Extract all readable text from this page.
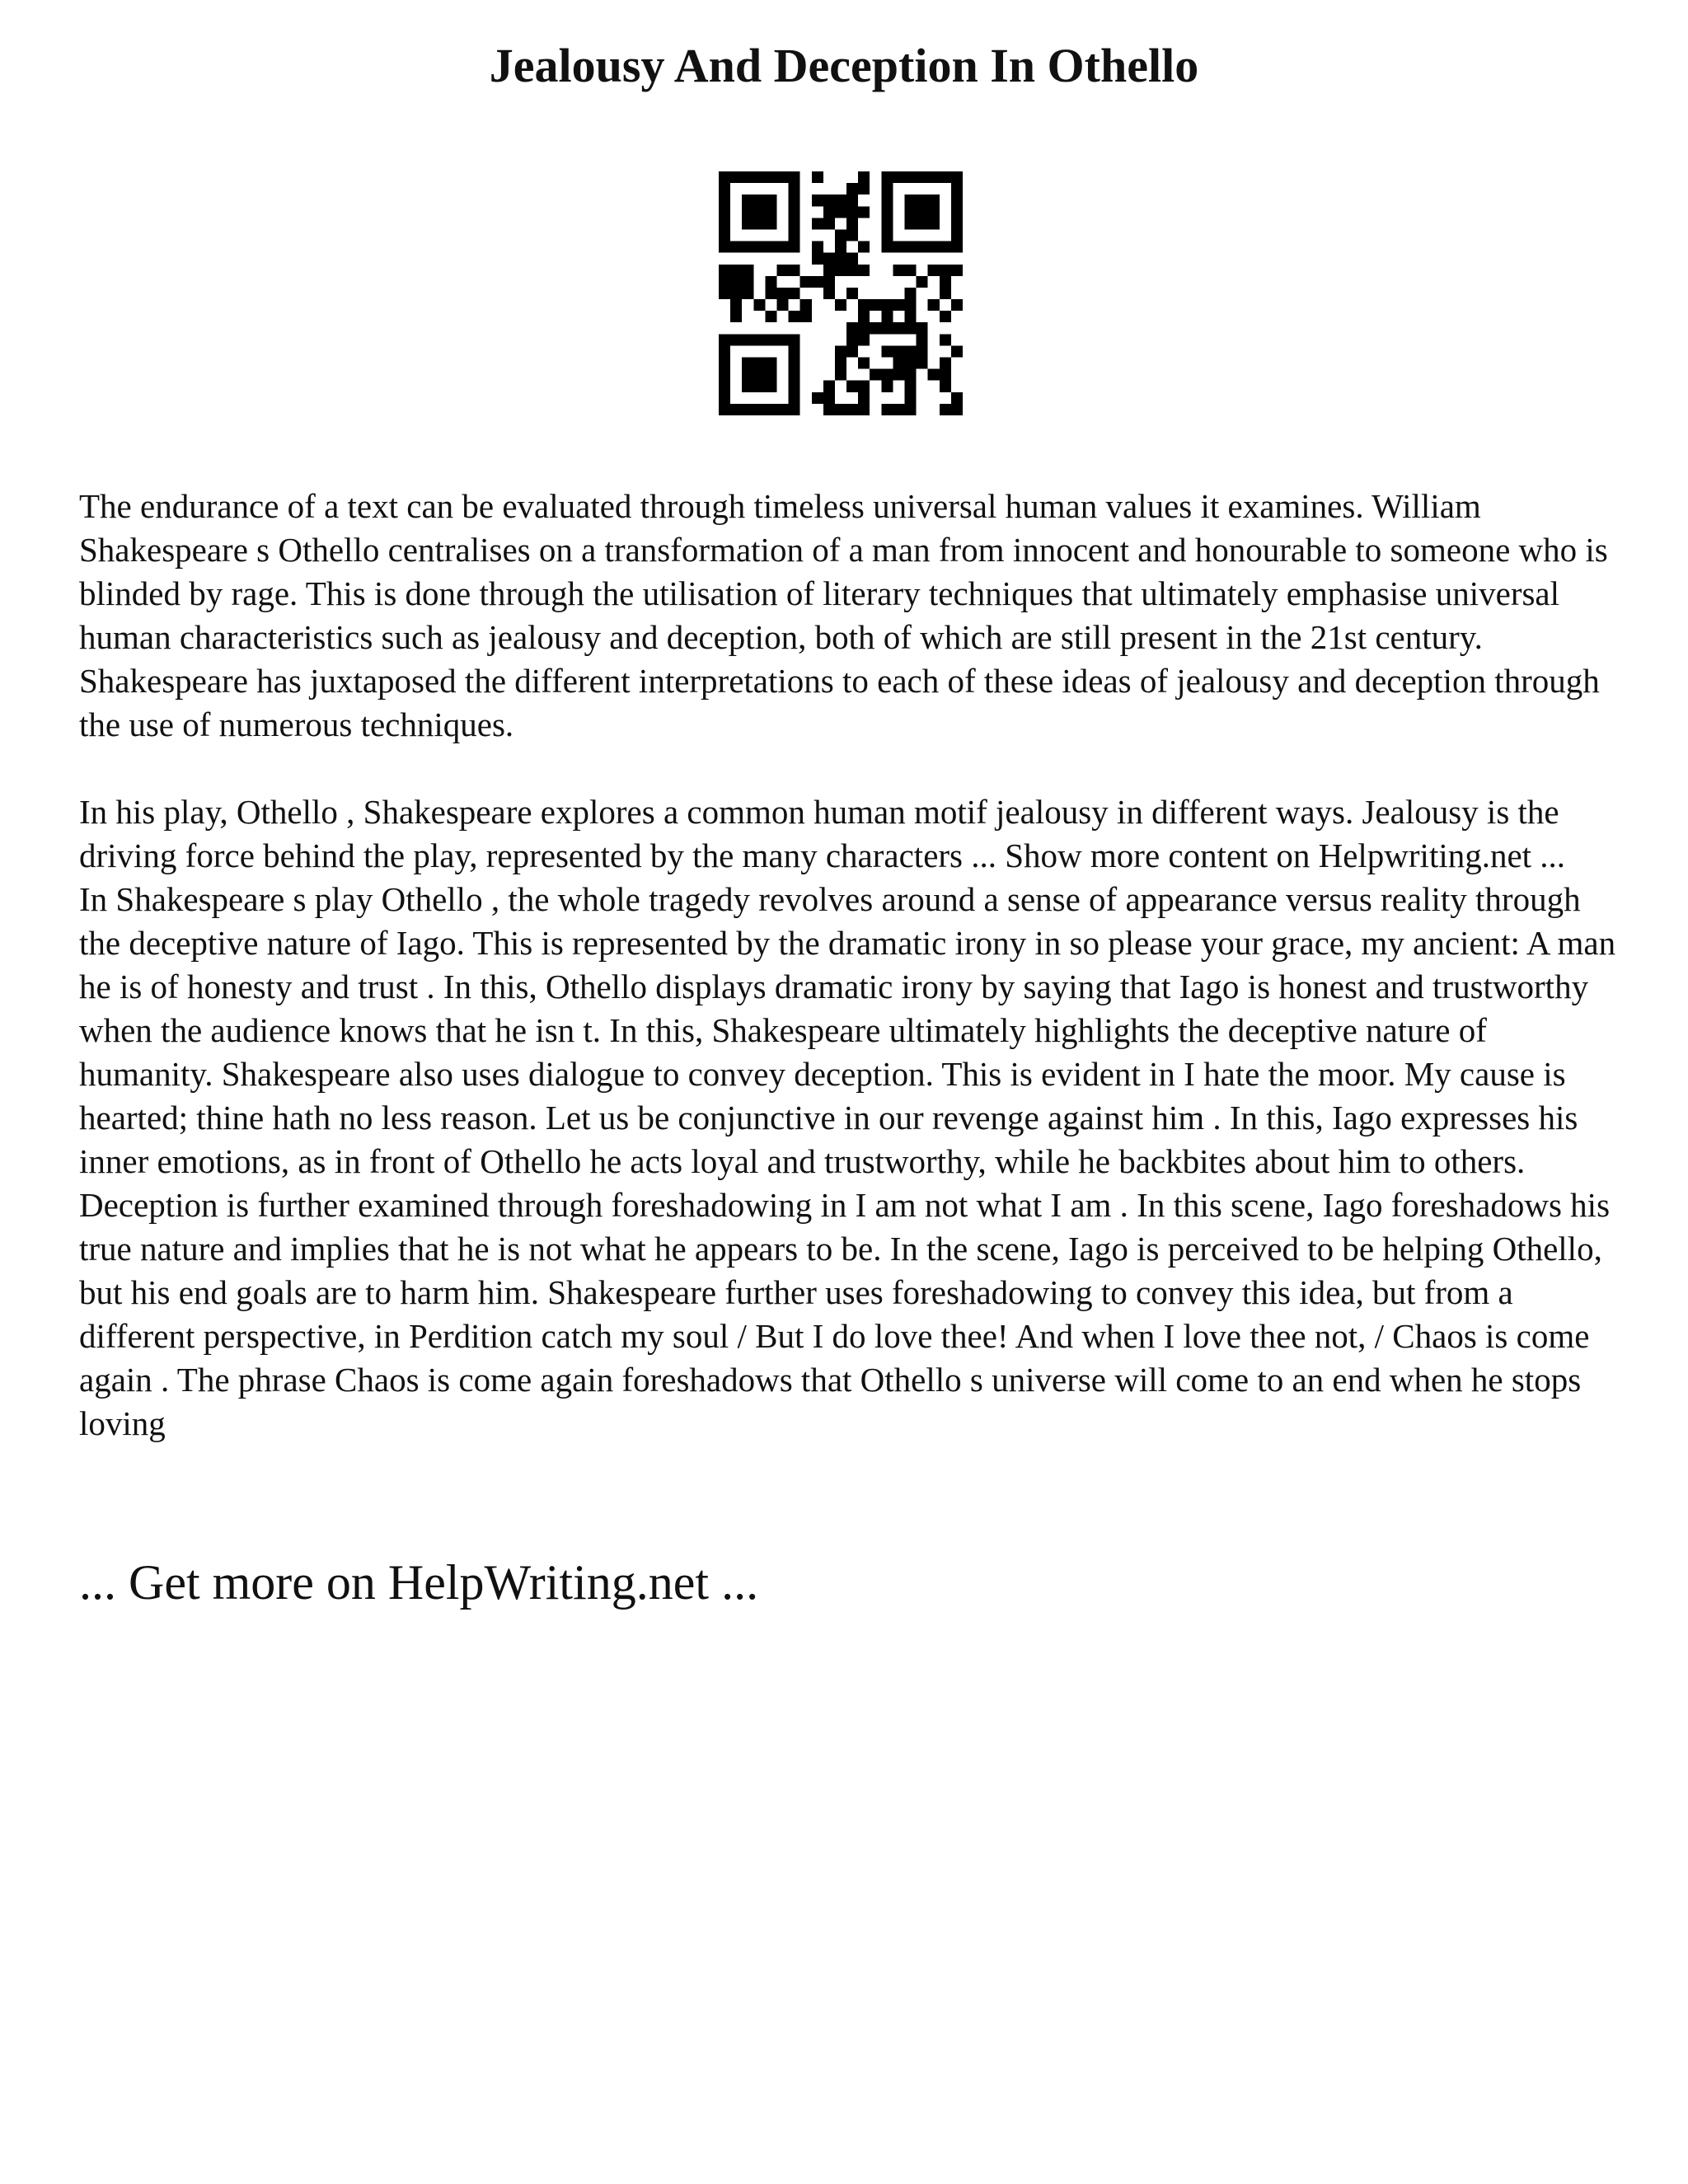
Jealousy And Deception In Othello

The endurance of a text can be evaluated through timeless universal human values it examines. William Shakespeare s Othello centralises on a transformation of a man from innocent and honourable to someone who is blinded by rage. This is done through the utilisation of literary techniques that ultimately emphasise universal human characteristics such as jealousy and deception, both of which are still present in the 21st century. Shakespeare has juxtaposed the different interpretations to each of these ideas of jealousy and deception through the use of numerous techniques.

In his play, Othello , Shakespeare explores a common human motif jealousy in different ways. Jealousy is the driving force behind the play, represented by the many characters ... Show more content on Helpwriting.net ...

In Shakespeare s play Othello , the whole tragedy revolves around a sense of appearance versus reality through the deceptive nature of Iago. This is represented by the dramatic irony in so please your grace, my ancient: A man he is of honesty and trust . In this, Othello displays dramatic irony by saying that Iago is honest and trustworthy when the audience knows that he isn t. In this, Shakespeare ultimately highlights the deceptive nature of humanity. Shakespeare also uses dialogue to convey deception. This is evident in I hate the moor. My cause is hearted; thine hath no less reason. Let us be conjunctive in our revenge against him . In this, Iago expresses his inner emotions, as in front of Othello he acts loyal and trustworthy, while he backbites about him to others. Deception is further examined through foreshadowing in I am not what I am . In this scene, Iago foreshadows his true nature and implies that he is not what he appears to be. In the scene, Iago is perceived to be helping Othello, but his end goals are to harm him. Shakespeare further uses foreshadowing to convey this idea, but from a different perspective, in Perdition catch my soul / But I do love thee! And when I love thee not, / Chaos is come again . The phrase Chaos is come again foreshadows that Othello s universe will come to an end when he stops loving

... Get more on HelpWriting.net ...
